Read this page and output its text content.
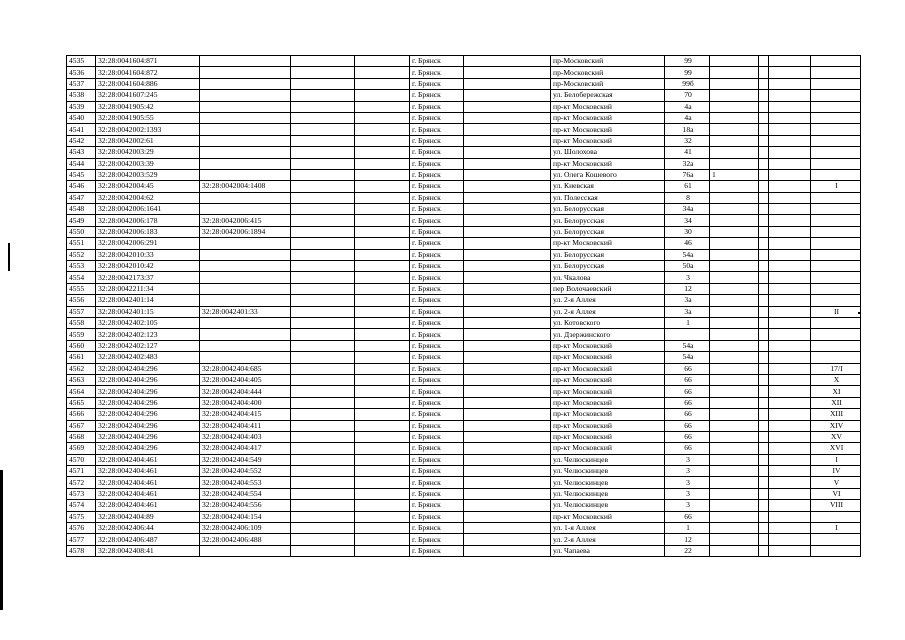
4535	32:28:0041604:871				г. Брянск		пр-Московский	99				
4536	32:28:0041604:872				г. Брянск		пр-Московский	99				
4537	32:28:0041604:886				г. Брянск		пр-Московский	99б				
4538	32:28:0041607:245				г. Брянск		ул. Белобережская	70				
4539	32:28:0041905:42				г. Брянск		пр-кт Московский	4а				
4540	32:28:0041905:55				г. Брянск		пр-кт Московский	4а				
4541	32:28:0042002:1393				г. Брянск		пр-кт Московский	18а				
4542	32:28:0042002:61				г. Брянск		пр-кт Московский	32				
4543	32:28:0042003:29				г. Брянск		ул. Шолохова	41				
4544	32:28:0042003:39				г. Брянск		пр-кт Московский	32а				
4545	32:28:0042003:529				г. Брянск		ул. Олега Кошевого	76а	1			
4546	32:28:0042004:45	32:28:0042004:1408			г. Брянск		ул. Киевская	61				I
4547	32:28:0042004:62				г. Брянск		ул. Полесская	8				
4548	32:28:0042006:1641				г. Брянск		ул. Белорусская	34а				
4549	32:28:0042006:178	32:28:0042006:415			г. Брянск		ул. Белорусская	34				
4550	32:28:0042006:183	32:28:0042006:1894			г. Брянск		ул. Белорусская	30				
4551	32:28:0042006:291				г. Брянск		пр-кт Московский	46				
4552	32:28:0042010:33				г. Брянск		ул. Белорусская	54а				
4553	32:28:0042010:42				г. Брянск		ул. Белорусская	50а				
4554	32:28:0042173:37				г. Брянск		ул. Чкалова	3				
4555	32:28:0042211:34				г. Брянск		пер Волочаевский	12				
4556	32:28:0042401:14				г. Брянск		ул. 2-я Аллея	3а				
4557	32:28:0042401:15	32:28:0042401:33			г. Брянск		ул. 2-я Аллея	3а				II
4558	32:28:0042402:105				г. Брянск		ул. Котовского	1				
4559	32:28:0042402:123				г. Брянск		ул. Дзержинского					
4560	32:28:0042402:127				г. Брянск		пр-кт Московский	54а				
4561	32:28:0042402:483				г. Брянск		пр-кт Московский	54а				
4562	32:28:0042404:296	32:28:0042404:685			г. Брянск		пр-кт Московский	66				17/I
4563	32:28:0042404:296	32:28:0042404:405			г. Брянск		пр-кт Московский	66				X
4564	32:28:0042404:296	32:28:0042404:444			г. Брянск		пр-кт Московский	66				XI
4565	32:28:0042404:296	32:28:0042404:400			г. Брянск		пр-кт Московский	66				XII
4566	32:28:0042404:296	32:28:0042404:415			г. Брянск		пр-кт Московский	66				XIII
4567	32:28:0042404:296	32:28:0042404:411			г. Брянск		пр-кт Московский	66				XIV
4568	32:28:0042404:296	32:28:0042404:403			г. Брянск		пр-кт Московский	66				XV
4569	32:28:0042404:296	32:28:0042404:417			г. Брянск		пр-кт Московский	66				XVI
4570	32:28:0042404:461	32:28:0042404:549			г. Брянск		ул. Челюскинцев	3				I
4571	32:28:0042404:461	32:28:0042404:552			г. Брянск		ул. Челюскинцев	3				IV
4572	32:28:0042404:461	32:28:0042404:553			г. Брянск		ул. Челюскинцев	3				V
4573	32:28:0042404:461	32:28:0042404:554			г. Брянск		ул. Челюскинцев	3				VI
4574	32:28:0042404:461	32:28:0042404:556			г. Брянск		ул. Челюскинцев	3				VIII
4575	32:28:0042404:89	32:28:0042404:154			г. Брянск		пр-кт Московский	66				
4576	32:28:0042406:44	32:28:0042406:109			г. Брянск		ул. 1-я Аллея	1				I
4577	32:28:0042406:487	32:28:0042406:488			г. Брянск		ул. 2-я Аллея	12				
4578	32:28:0042408:41				г. Брянск		ул. Чапаева	22				
